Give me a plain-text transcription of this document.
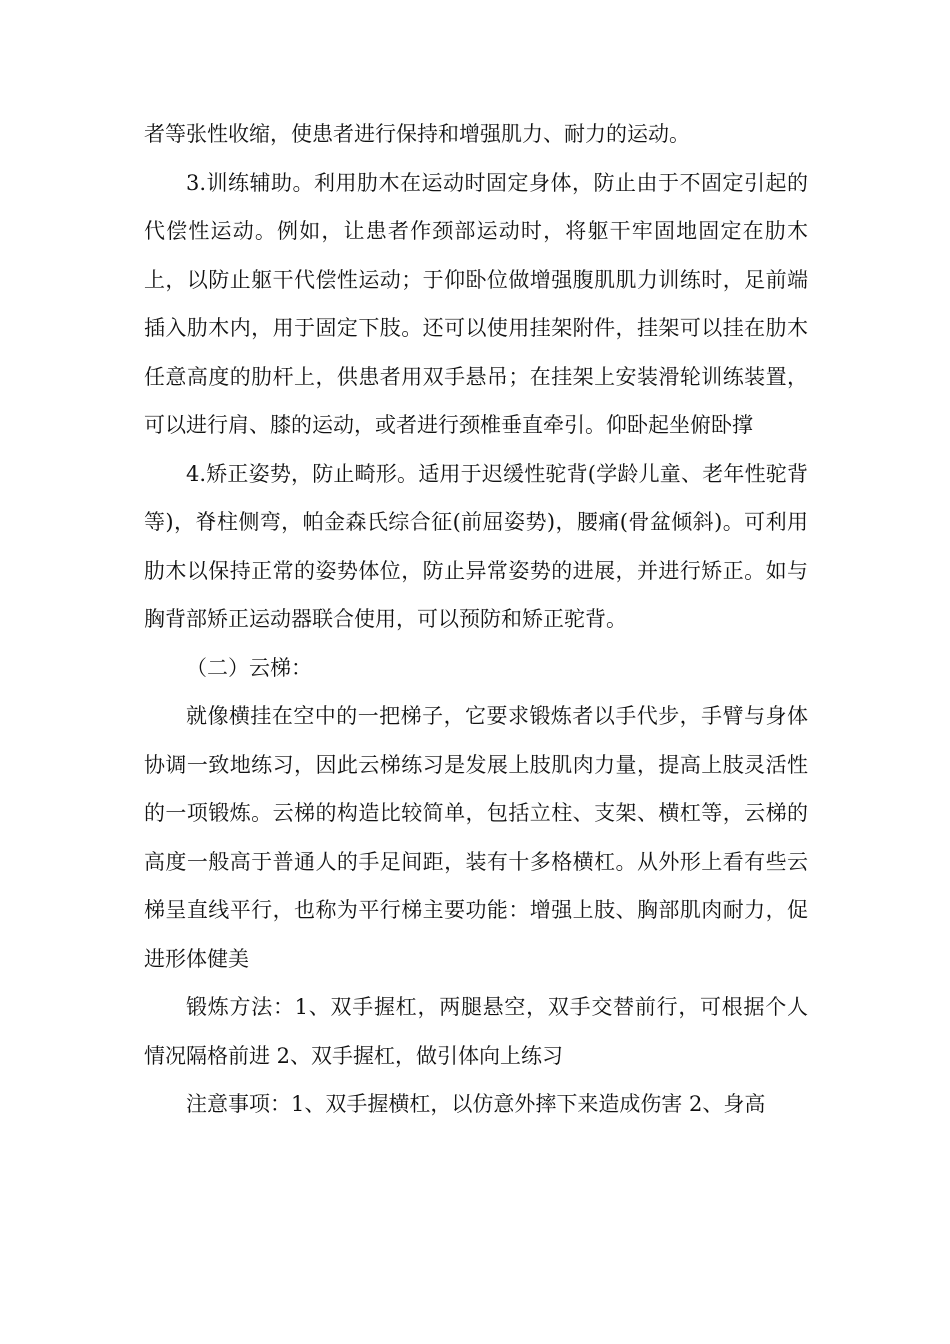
者等张性收缩，使患者进行保持和增强肌力、耐力的运动。

3.训练辅助。利用肋木在运动时固定身体，防止由于不固定引起的代偿性运动。例如，让患者作颈部运动时，将躯干牢固地固定在肋木上，以防止躯干代偿性运动；于仰卧位做增强腹肌肌力训练时，足前端插入肋木内，用于固定下肢。还可以使用挂架附件，挂架可以挂在肋木任意高度的肋杆上，供患者用双手悬吊；在挂架上安装滑轮训练装置，可以进行肩、膝的运动，或者进行颈椎垂直牵引。仰卧起坐俯卧撑

4.矫正姿势，防止畸形。适用于迟缓性驼背(学龄儿童、老年性驼背等)，脊柱侧弯，帕金森氏综合征(前屈姿势)，腰痛(骨盆倾斜)。可利用肋木以保持正常的姿势体位，防止异常姿势的进展，并进行矫正。如与胸背部矫正运动器联合使用，可以预防和矫正驼背。

（二）云梯：

就像横挂在空中的一把梯子，它要求锻炼者以手代步，手臂与身体协调一致地练习，因此云梯练习是发展上肢肌肉力量，提高上肢灵活性的一项锻炼。云梯的构造比较简单，包括立柱、支架、横杠等，云梯的高度一般高于普通人的手足间距，装有十多格横杠。从外形上看有些云梯呈直线平行，也称为平行梯主要功能：增强上肢、胸部肌肉耐力，促进形体健美

锻炼方法：1、双手握杠，两腿悬空，双手交替前行，可根据个人情况隔格前进 2、双手握杠，做引体向上练习

注意事项：1、双手握横杠，以仿意外摔下来造成伤害 2、身高
